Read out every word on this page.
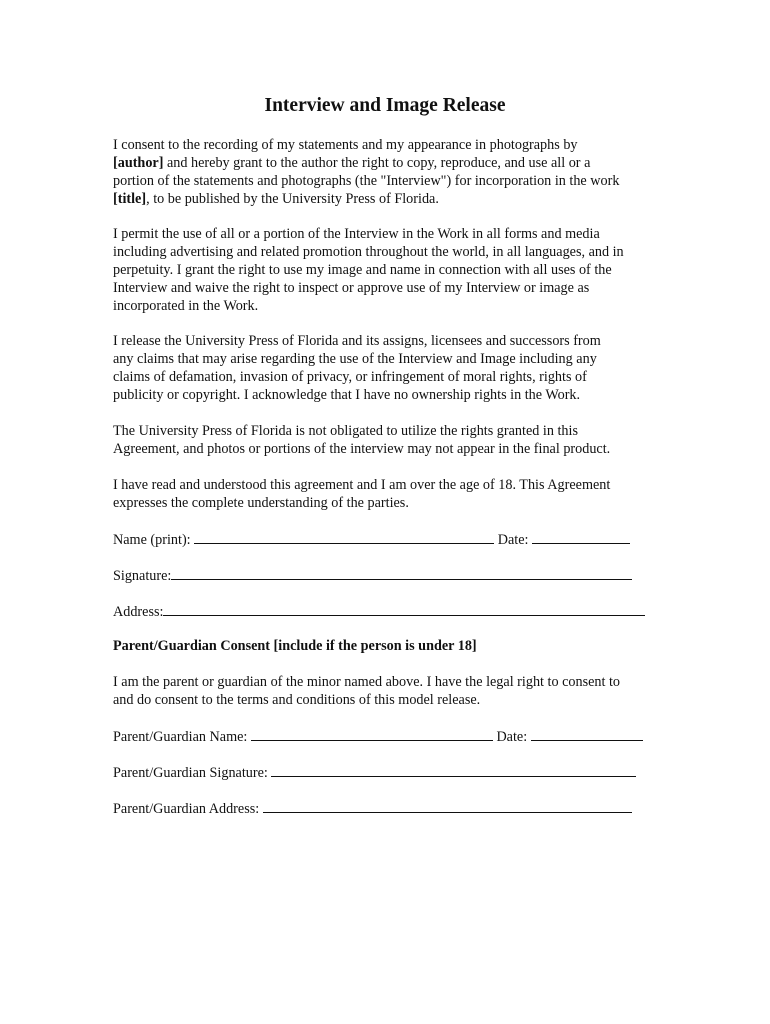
Interview and Image Release

I consent to the recording of my statements and my appearance in photographs by
[author] and hereby grant to the author the right to copy, reproduce, and use all or a
portion of the statements and photographs (the "Interview") for incorporation in the work
[title], to be published by the University Press of Florida.

I permit the use of all or a portion of the Interview in the Work in all forms and media
including advertising and related promotion throughout the world, in all languages, and in
perpetuity. I grant the right to use my image and name in connection with all uses of the
Interview and waive the right to inspect or approve use of my Interview or image as
incorporated in the Work.

I release the University Press of Florida and its assigns, licensees and successors from
any claims that may arise regarding the use of the Interview and Image including any
claims of defamation, invasion of privacy, or infringement of moral rights, rights of
publicity or copyright. I acknowledge that I have no ownership rights in the Work.

The University Press of Florida is not obligated to utilize the rights granted in this
Agreement, and photos or portions of the interview may not appear in the final product.

I have read and understood this agreement and I am over the age of 18. This Agreement
expresses the complete understanding of the parties.

Name (print):	Date:

Signature:

Address:

Parent/Guardian Consent [include if the person is under 18]

I am the parent or guardian of the minor named above. I have the legal right to consent to
and do consent to the terms and conditions of this model release.

Parent/Guardian Name:	Date:

Parent/Guardian Signature:

Parent/Guardian Address:
